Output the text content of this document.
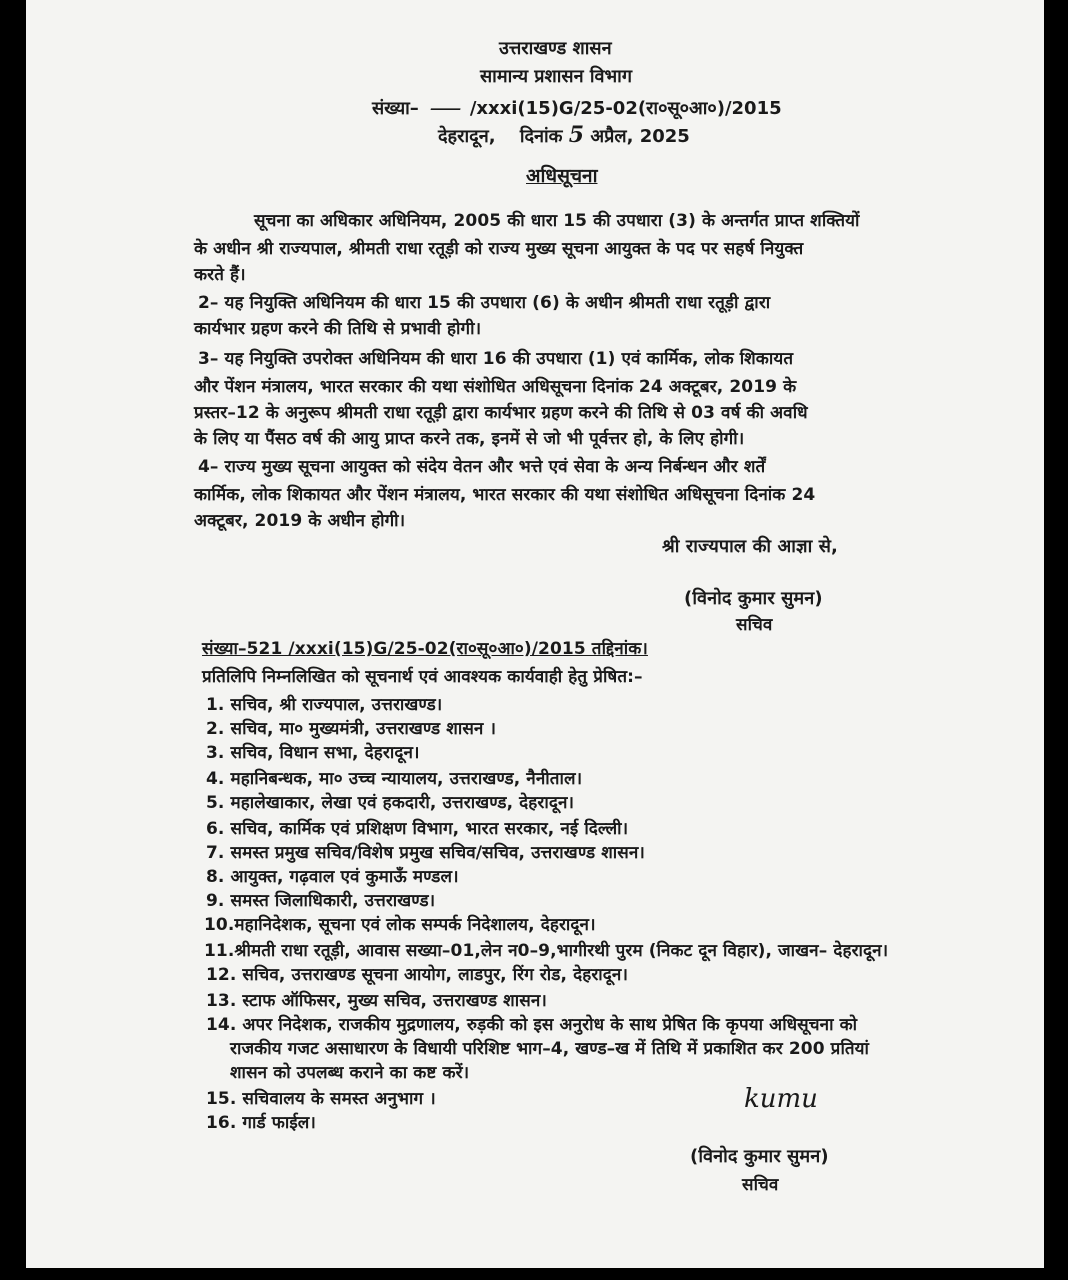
उत्तराखण्ड शासन
सामान्य प्रशासन विभाग
संख्या– ⸺ /xxxi(15)G/25-02(रा०सू०आ०)/2015
देहरादून, दिनांक 5 अप्रैल, 2025
अधिसूचना
सूचना का अधिकार अधिनियम, 2005 की धारा 15 की उपधारा (3) के अन्तर्गत प्राप्त शक्तियों
के अधीन श्री राज्यपाल, श्रीमती राधा रतूड़ी को राज्य मुख्य सूचना आयुक्त के पद पर सहर्ष नियुक्त
करते हैं।
2– यह नियुक्ति अधिनियम की धारा 15 की उपधारा (6) के अधीन श्रीमती राधा रतूड़ी द्वारा
कार्यभार ग्रहण करने की तिथि से प्रभावी होगी।
3– यह नियुक्ति उपरोक्त अधिनियम की धारा 16 की उपधारा (1) एवं कार्मिक, लोक शिकायत
और पेंशन मंत्रालय, भारत सरकार की यथा संशोधित अधिसूचना दिनांक 24 अक्टूबर, 2019 के
प्रस्तर–12 के अनुरूप श्रीमती राधा रतूड़ी द्वारा कार्यभार ग्रहण करने की तिथि से 03 वर्ष की अवधि
के लिए या पैंसठ वर्ष की आयु प्राप्त करने तक, इनमें से जो भी पूर्वत्तर हो, के लिए होगी।
4– राज्य मुख्य सूचना आयुक्त को संदेय वेतन और भत्ते एवं सेवा के अन्य निर्बन्धन और शर्तें
कार्मिक, लोक शिकायत और पेंशन मंत्रालय, भारत सरकार की यथा संशोधित अधिसूचना दिनांक 24
अक्टूबर, 2019 के अधीन होगी।
श्री राज्यपाल की आज्ञा से,
(विनोद कुमार सुमन)
सचिव
संख्या–521 /xxxi(15)G/25-02(रा०सू०आ०)/2015 तद्दिनांक।
प्रतिलिपि निम्नलिखित को सूचनार्थ एवं आवश्यक कार्यवाही हेतु प्रेषित:–
1. सचिव, श्री राज्यपाल, उत्तराखण्ड।
2. सचिव, मा० मुख्यमंत्री, उत्तराखण्ड शासन ।
3. सचिव, विधान सभा, देहरादून।
4. महानिबन्धक, मा० उच्च न्यायालय, उत्तराखण्ड, नैनीताल।
5. महालेखाकार, लेखा एवं हकदारी, उत्तराखण्ड, देहरादून।
6. सचिव, कार्मिक एवं प्रशिक्षण विभाग, भारत सरकार, नई दिल्ली।
7. समस्त प्रमुख सचिव/विशेष प्रमुख सचिव/सचिव, उत्तराखण्ड शासन।
8. आयुक्त, गढ़वाल एवं कुमाऊँ मण्डल।
9. समस्त जिलाधिकारी, उत्तराखण्ड।
10.महानिदेशक, सूचना एवं लोक सम्पर्क निदेशालय, देहरादून।
11.श्रीमती राधा रतूड़ी, आवास सख्या–01,लेन न0–9,भागीरथी पुरम (निकट दून विहार), जाखन– देहरादून।
12. सचिव, उत्तराखण्ड सूचना आयोग, लाडपुर, रिंग रोड, देहरादून।
13. स्टाफ ऑफिसर, मुख्य सचिव, उत्तराखण्ड शासन।
14. अपर निदेशक, राजकीय मुद्रणालय, रुड़की को इस अनुरोध के साथ प्रेषित कि कृपया अधिसूचना को
राजकीय गजट असाधारण के विधायी परिशिष्ट भाग–4, खण्ड–ख में तिथि में प्रकाशित कर 200 प्रतियां
शासन को उपलब्ध कराने का कष्ट करें।
15. सचिवालय के समस्त अनुभाग ।
16. गार्ड फाईल।
kumu
(विनोद कुमार सुमन)
सचिव
